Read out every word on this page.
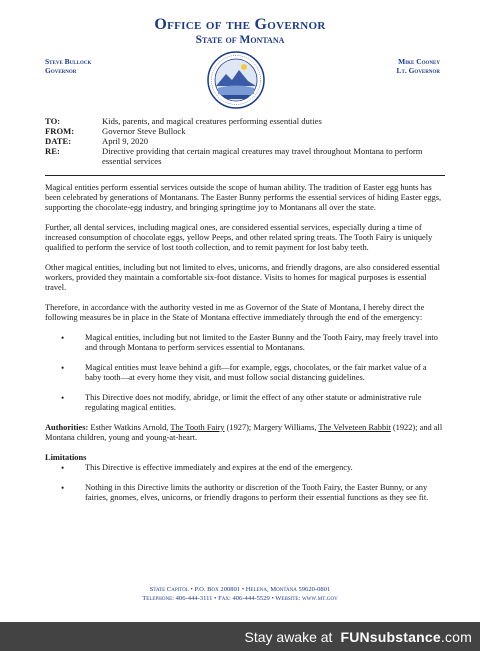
Office of the Governor
State of Montana
Steve Bullock
Governor
Mike Cooney
Lt. Governor
TO:	Kids, parents, and magical creatures performing essential duties
FROM:	Governor Steve Bullock
DATE:	April 9, 2020
RE:	Directive providing that certain magical creatures may travel throughout Montana to perform essential services

Magical entities perform essential services outside the scope of human ability. The tradition of Easter egg hunts has been celebrated by generations of Montanans. The Easter Bunny performs the essential services of hiding Easter eggs, supporting the chocolate-egg industry, and bringing springtime joy to Montanans all over the state.

Further, all dental services, including magical ones, are considered essential services, especially during a time of increased consumption of chocolate eggs, yellow Peeps, and other related spring treats. The Tooth Fairy is uniquely qualified to perform the service of lost tooth collection, and to remit payment for lost baby teeth.

Other magical entities, including but not limited to elves, unicorns, and friendly dragons, are also considered essential workers, provided they maintain a comfortable six-foot distance. Visits to homes for magical purposes is essential travel.

Therefore, in accordance with the authority vested in me as Governor of the State of Montana, I hereby direct the following measures be in place in the State of Montana effective immediately through the end of the emergency:

• Magical entities, including but not limited to the Easter Bunny and the Tooth Fairy, may freely travel into and through Montana to perform services essential to Montanans.
• Magical entities must leave behind a gift—for example, eggs, chocolates, or the fair market value of a baby tooth—at every home they visit, and must follow social distancing guidelines.
• This Directive does not modify, abridge, or limit the effect of any other statute or administrative rule regulating magical entities.

Authorities: Esther Watkins Arnold, The Tooth Fairy (1927); Margery Williams, The Velveteen Rabbit (1922); and all Montana children, young and young-at-heart.

Limitations
• This Directive is effective immediately and expires at the end of the emergency.
• Nothing in this Directive limits the authority or discretion of the Tooth Fairy, the Easter Bunny, or any fairies, gnomes, elves, unicorns, or friendly dragons to perform their essential functions as they see fit.
State Capitol • P.O. Box 200801 • Helena, Montana 59620-0801
Telephone: 406-444-3111 • Fax: 406-444-5529 • Website: www.mt.gov
Stay awake at FUNsubstance.com
